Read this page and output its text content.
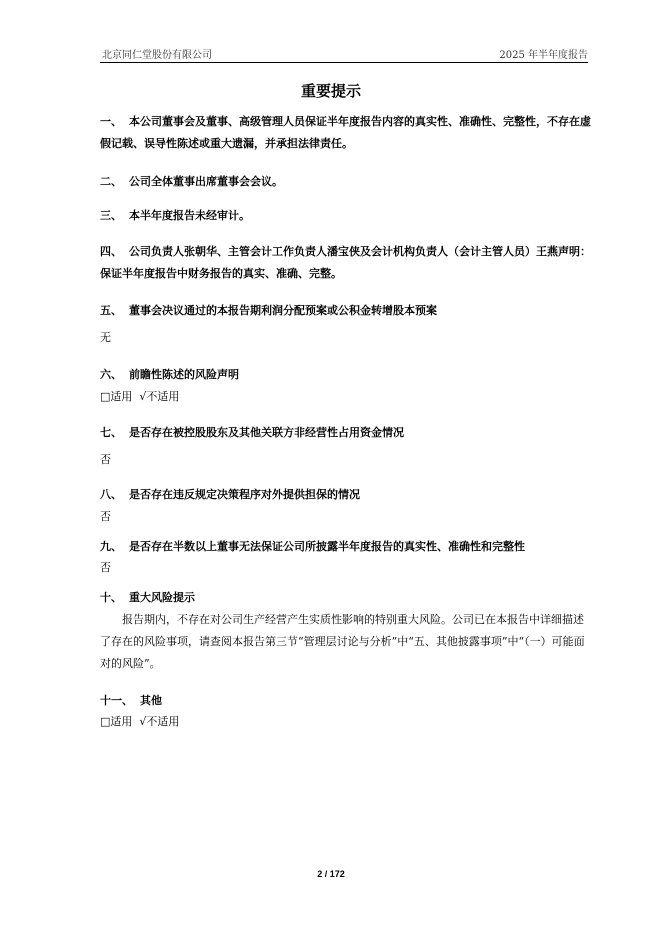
北京同仁堂股份有限公司	2025 年半年度报告
重要提示
一、 本公司董事会及董事、高级管理人员保证半年度报告内容的真实性、准确性、完整性，不存在虚假记载、误导性陈述或重大遗漏，并承担法律责任。
二、 公司全体董事出席董事会会议。
三、 本半年度报告未经审计。
四、 公司负责人张朝华、主管会计工作负责人潘宝侠及会计机构负责人（会计主管人员）王燕声明：保证半年度报告中财务报告的真实、准确、完整。
五、 董事会决议通过的本报告期利润分配预案或公积金转增股本预案
无
六、 前瞻性陈述的风险声明
□适用  √不适用
七、 是否存在被控股股东及其他关联方非经营性占用资金情况
否
八、 是否存在违反规定决策程序对外提供担保的情况
否
九、 是否存在半数以上董事无法保证公司所披露半年度报告的真实性、准确性和完整性
否
十、 重大风险提示
报告期内，不存在对公司生产经营产生实质性影响的特别重大风险。公司已在本报告中详细描述了存在的风险事项，请查阅本报告第三节“管理层讨论与分析”中“五、其他披露事项”中“（一）可能面对的风险”。
十一、 其他
□适用  √不适用
2 / 172
